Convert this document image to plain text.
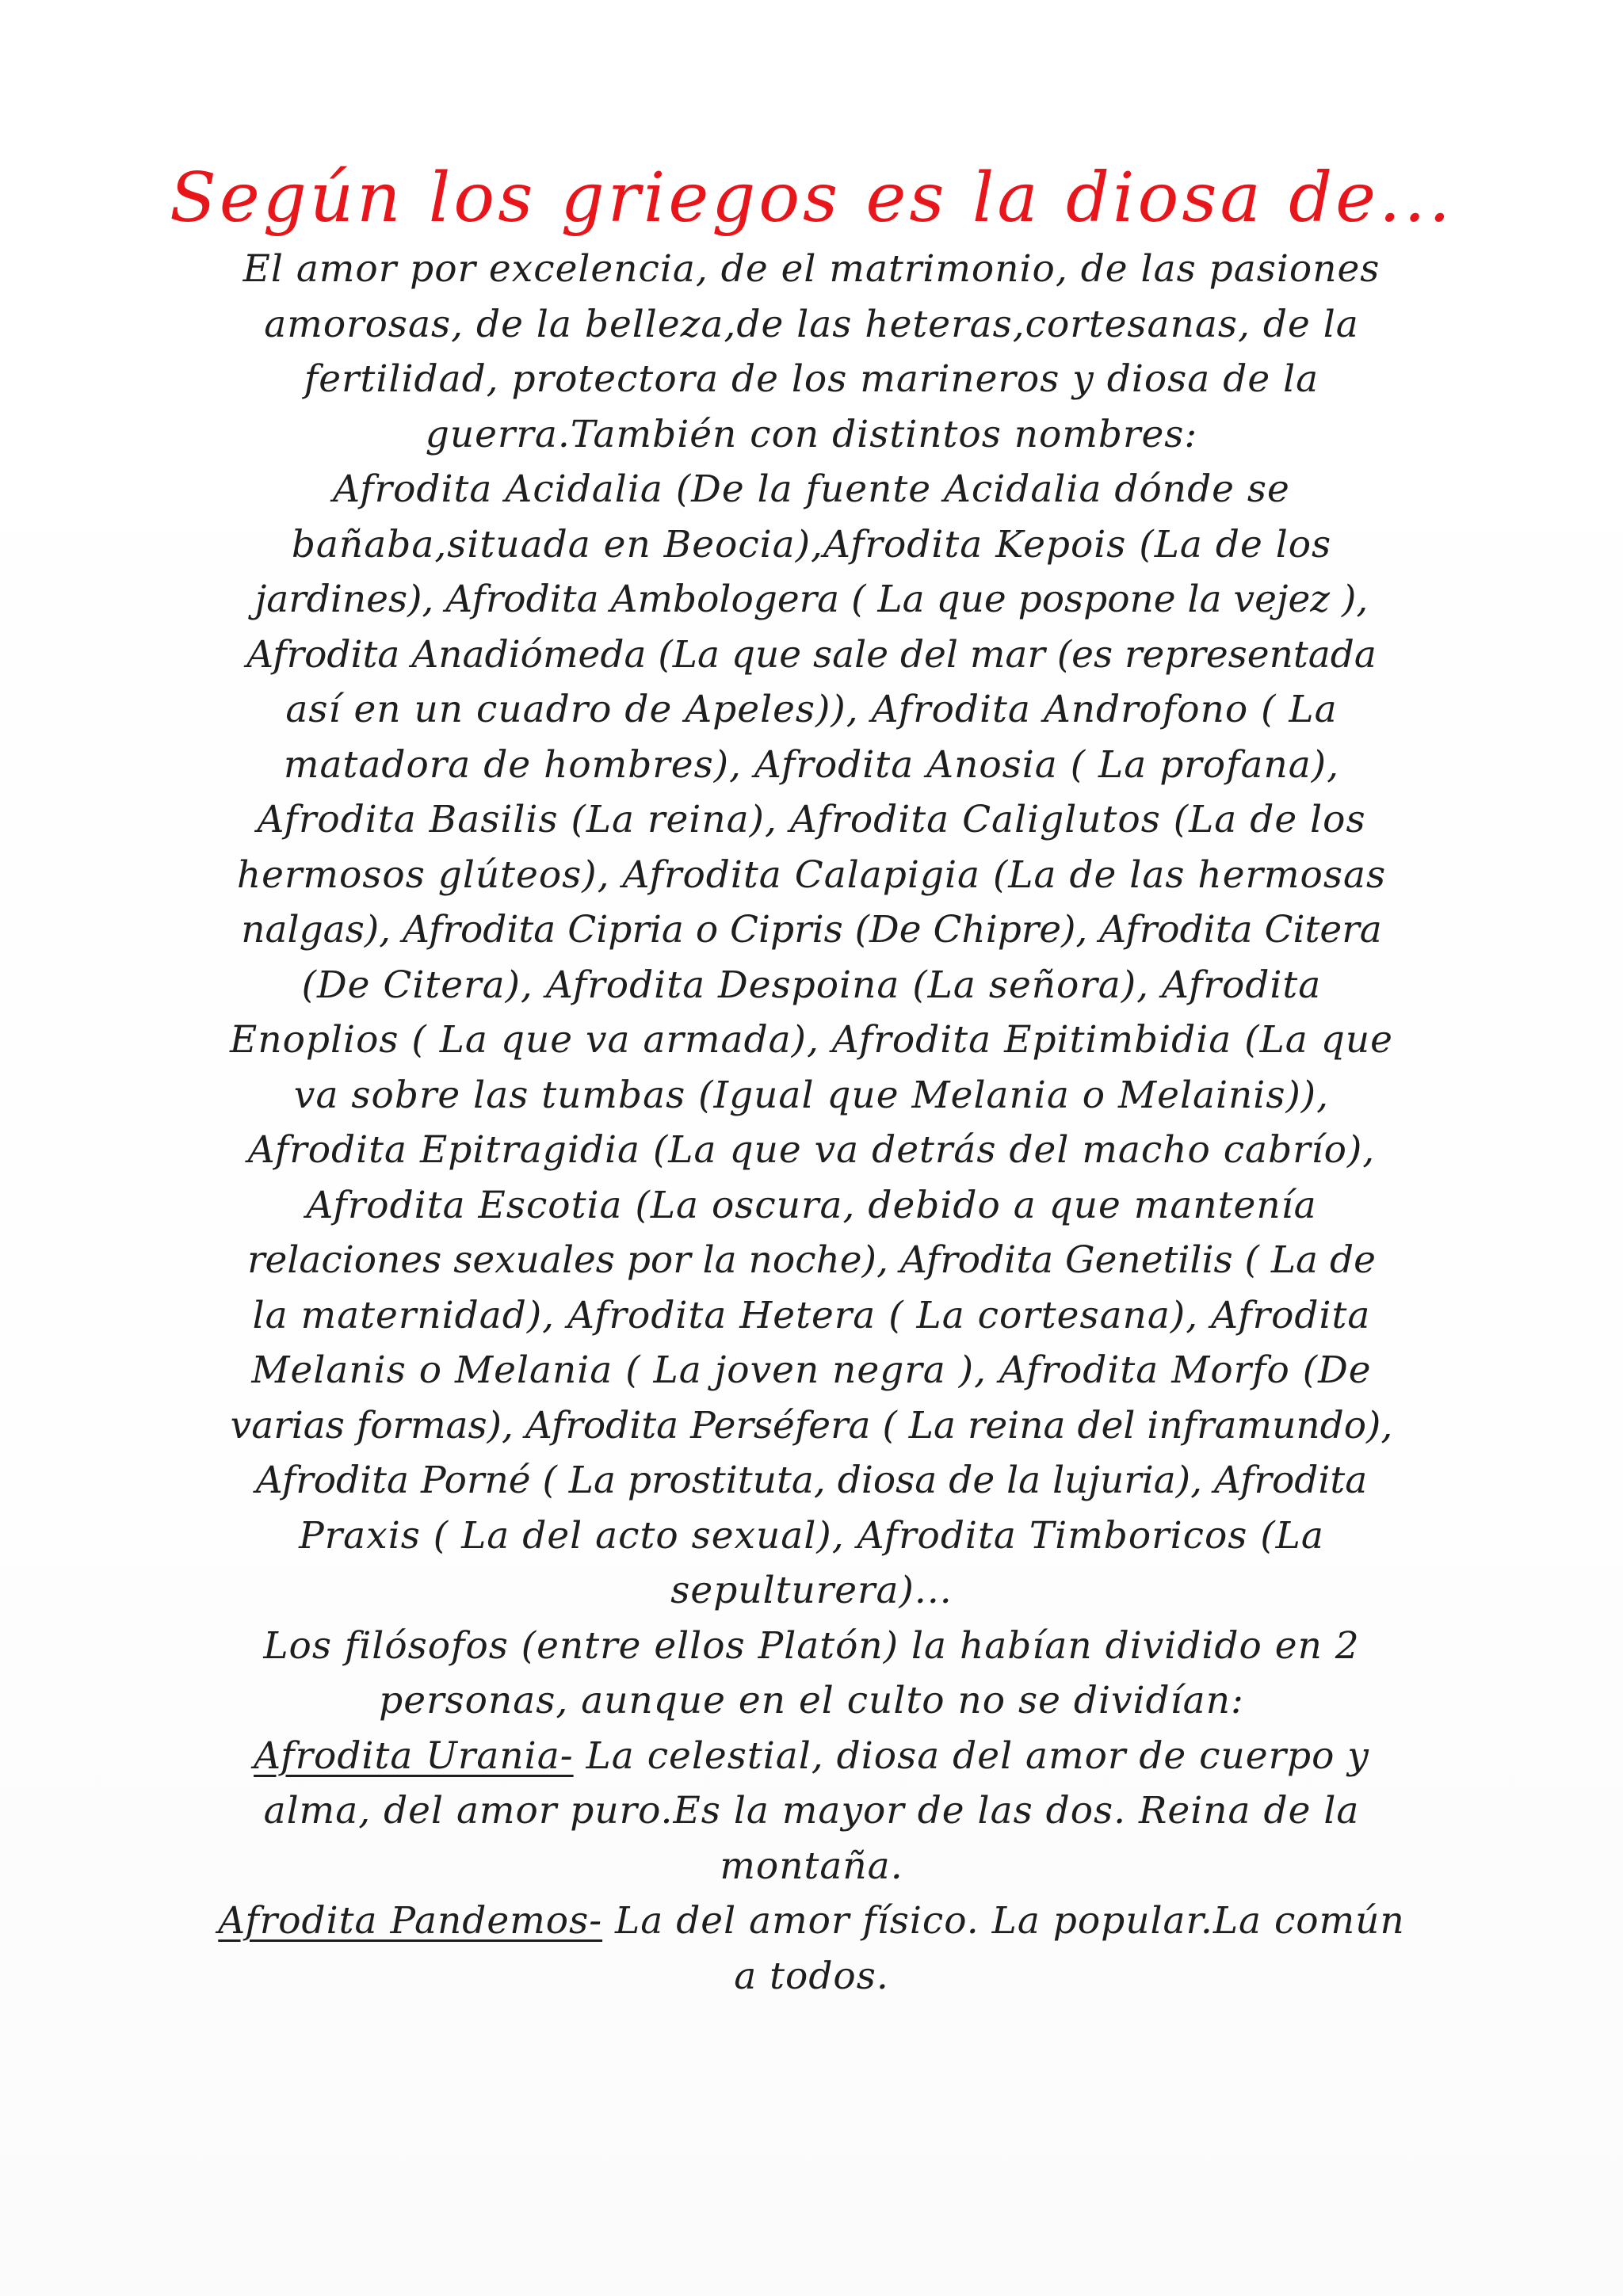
Según los griegos es la diosa de...
El amor por excelencia, de el matrimonio, de las pasiones
amorosas, de la belleza,de las heteras,cortesanas, de la
fertilidad, protectora de los marineros y diosa de la
guerra.También con distintos nombres:
Afrodita Acidalia (De la fuente Acidalia dónde se
bañaba,situada en Beocia),Afrodita Kepois (La de los
jardines), Afrodita Ambologera ( La que pospone la vejez ),
Afrodita Anadiómeda (La que sale del mar (es representada
así en un cuadro de Apeles)), Afrodita Androfono ( La
matadora de hombres), Afrodita Anosia ( La profana),
Afrodita Basilis (La reina), Afrodita Caliglutos (La de los
hermosos glúteos), Afrodita Calapigia (La de las hermosas
nalgas), Afrodita Cipria o Cipris (De Chipre), Afrodita Citera
(De Citera), Afrodita Despoina (La señora), Afrodita
Enoplios ( La que va armada), Afrodita Epitimbidia (La que
va sobre las tumbas (Igual que Melania o Melainis)),
Afrodita Epitragidia (La que va detrás del macho cabrío),
Afrodita Escotia (La oscura, debido a que mantenía
relaciones sexuales por la noche), Afrodita Genetilis ( La de
la maternidad), Afrodita Hetera ( La cortesana), Afrodita
Melanis o Melania ( La joven negra ), Afrodita Morfo (De
varias formas), Afrodita Perséfera ( La reina del inframundo),
Afrodita Porné ( La prostituta, diosa de la lujuria), Afrodita
Praxis ( La del acto sexual), Afrodita Timboricos (La
sepulturera)...
Los filósofos (entre ellos Platón) la habían dividido en 2
personas, aunque en el culto no se dividían:
Afrodita Urania- La celestial, diosa del amor de cuerpo y
alma, del amor puro.Es la mayor de las dos. Reina de la
montaña.
Afrodita Pandemos- La del amor físico. La popular.La común
a todos.
